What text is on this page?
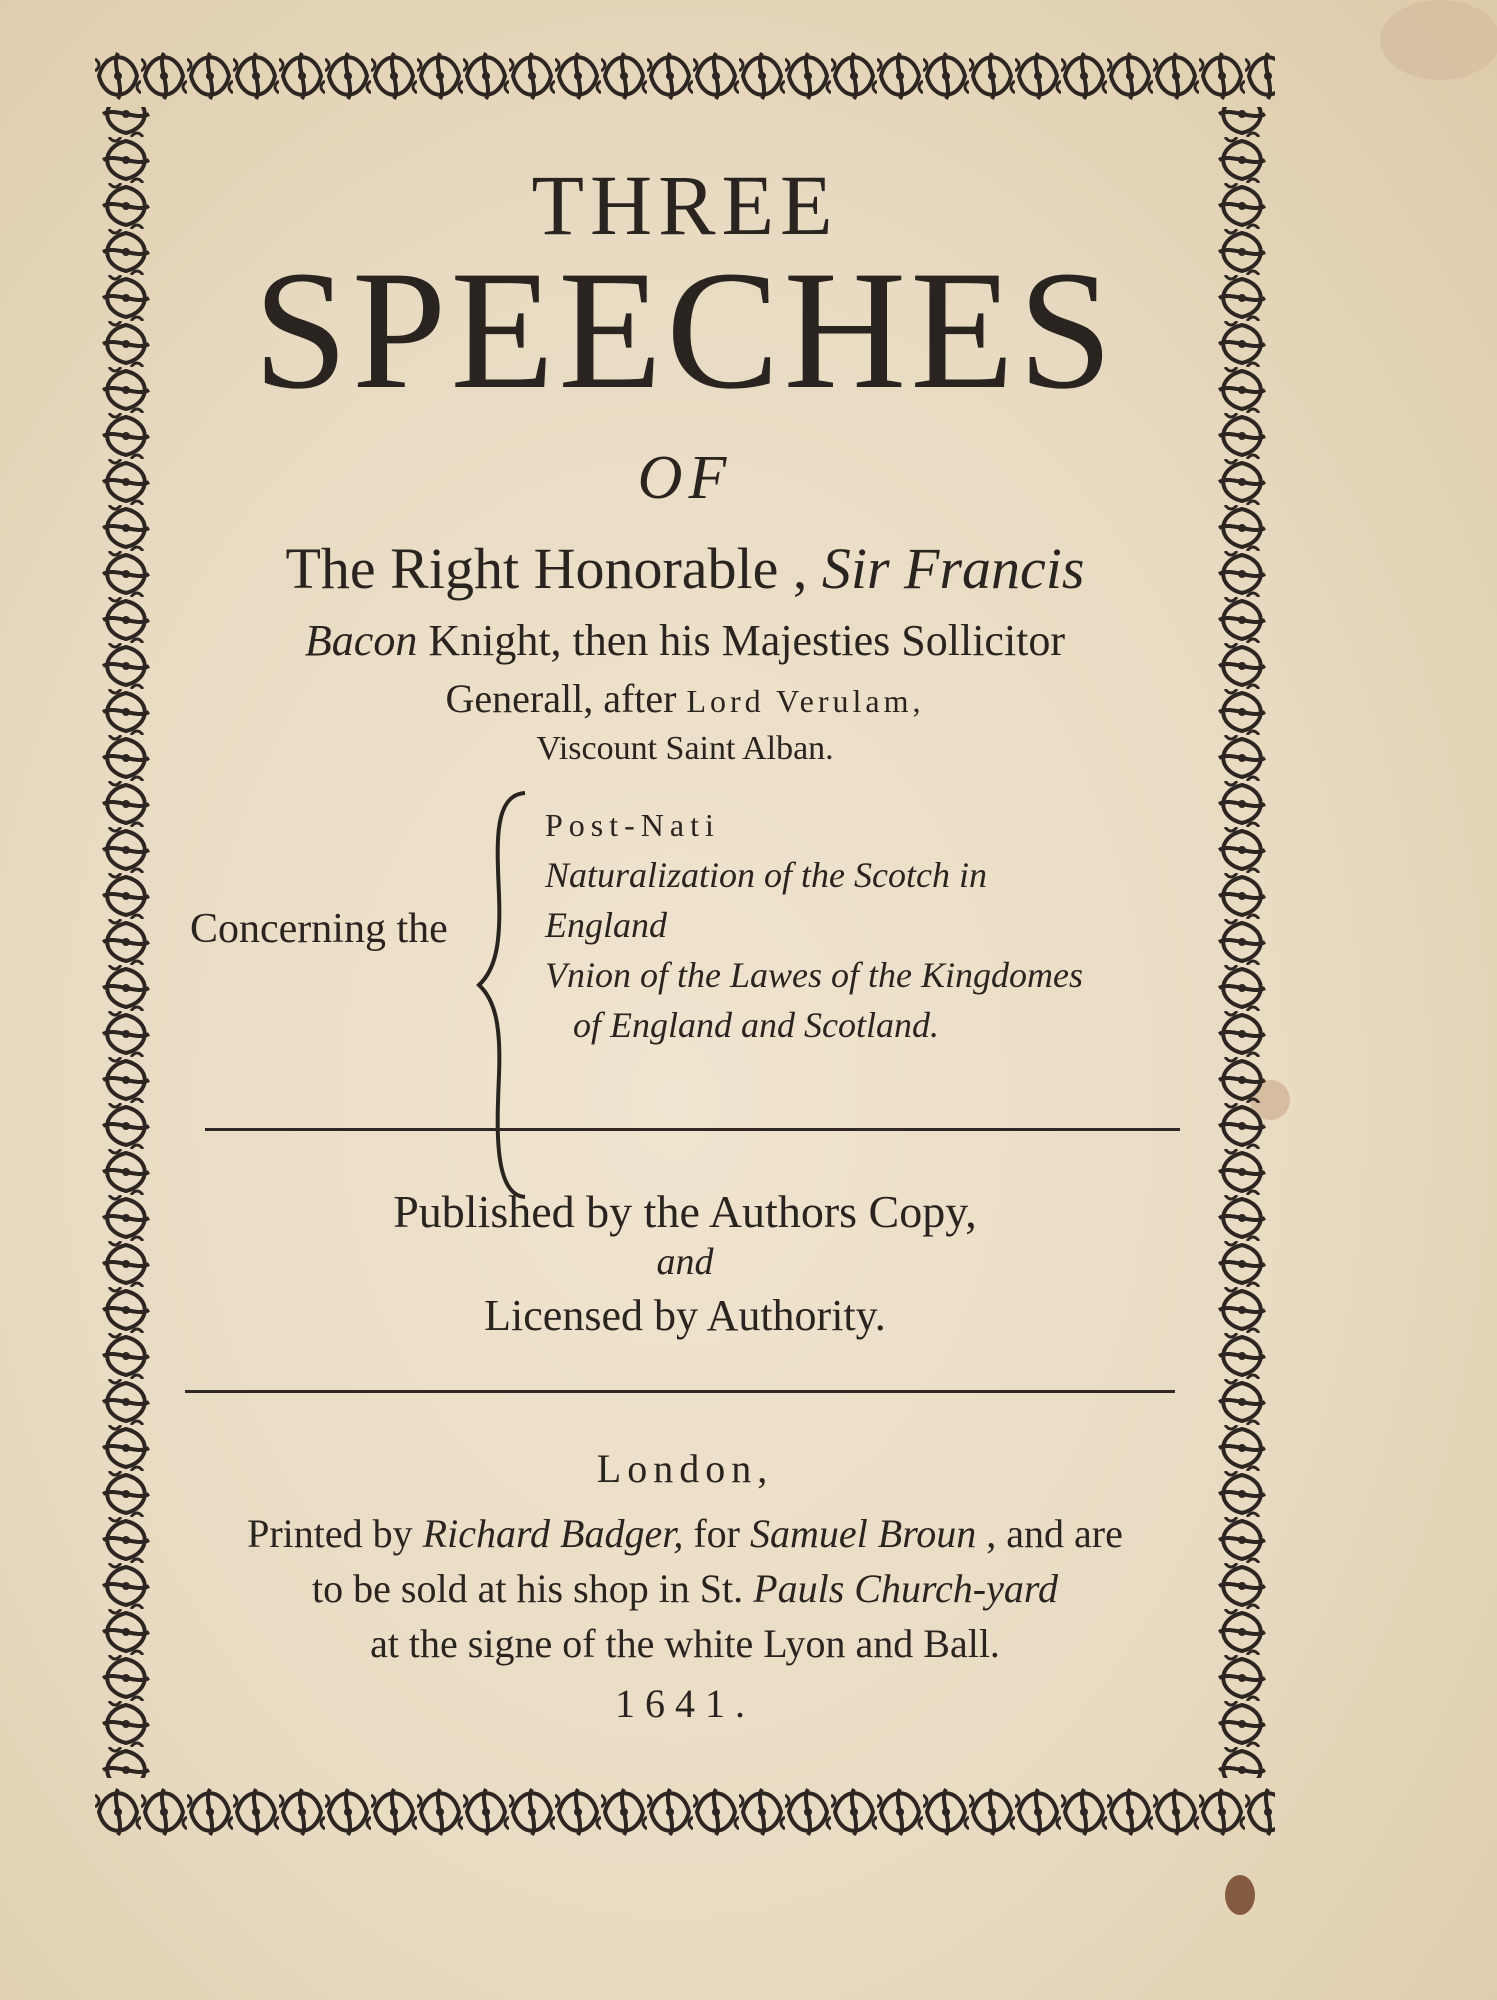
THREE
SPEECHES
OF
The Right Honorable , Sir Francis
Bacon Knight, then his Majesties Sollicitor
Generall, after Lord Verulam,
Viscount Saint Alban.
Concerning the
Post-Nati
Naturalization of the Scotch in
England
Vnion of the Lawes of the Kingdomes
of England and Scotland.
Published by the Authors Copy,
and
Licensed by Authority.
London,
Printed by Richard Badger, for Samuel Broun , and are
to be sold at his shop in St. Pauls Church-yard
at the signe of the white Lyon and Ball.
1641.
